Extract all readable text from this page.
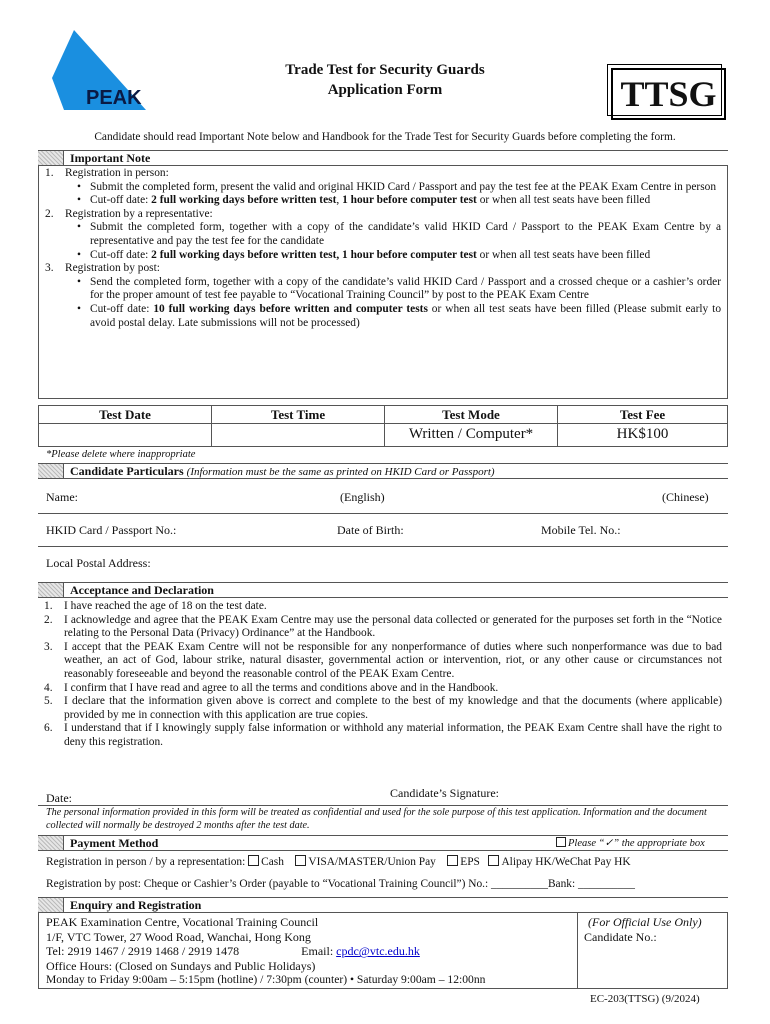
PEAK
Trade Test for Security Guards
Application Form	TTSG
Candidate should read Important Note below and Handbook for the Trade Test for Security Guards before completing the form.
Important Note
1. Registration in person:
• Submit the completed form, present the valid and original HKID Card / Passport and pay the test fee at the PEAK Exam Centre in person
• Cut-off date: 2 full working days before written test, 1 hour before computer test or when all test seats have been filled
2. Registration by a representative:
• Submit the completed form, together with a copy of the candidate’s valid HKID Card / Passport to the PEAK Exam Centre by a representative and pay the test fee for the candidate
• Cut-off date: 2 full working days before written test, 1 hour before computer test or when all test seats have been filled
3. Registration by post:
• Send the completed form, together with a copy of the candidate’s valid HKID Card / Passport and a crossed cheque or a cashier’s order for the proper amount of test fee payable to “Vocational Training Council” by post to the PEAK Exam Centre
• Cut-off date: 10 full working days before written and computer tests or when all test seats have been filled (Please submit early to avoid postal delay. Late submissions will not be processed)
Test Date	Test Time	Test Mode	Test Fee
		Written / Computer*	HK$100
*Please delete where inappropriate
Candidate Particulars (Information must be the same as printed on HKID Card or Passport)
Name:	(English)	(Chinese)
HKID Card / Passport No.:	Date of Birth:	Mobile Tel. No.:
Local Postal Address:
Acceptance and Declaration
1. I have reached the age of 18 on the test date.
2. I acknowledge and agree that the PEAK Exam Centre may use the personal data collected or generated for the purposes set forth in the “Notice relating to the Personal Data (Privacy) Ordinance” at the Handbook.
3. I accept that the PEAK Exam Centre will not be responsible for any nonperformance of duties where such nonperformance was due to bad weather, an act of God, labour strike, natural disaster, governmental action or intervention, riot, or any other cause or circumstances not reasonably foreseeable and beyond the reasonable control of the PEAK Exam Centre.
4. I confirm that I have read and agree to all the terms and conditions above and in the Handbook.
5. I declare that the information given above is correct and complete to the best of my knowledge and that the documents (where applicable) provided by me in connection with this application are true copies.
6. I understand that if I knowingly supply false information or withhold any material information, the PEAK Exam Centre shall have the right to deny this registration.
Candidate’s Signature:
Date:
The personal information provided in this form will be treated as confidential and used for the sole purpose of this test application. Information and the document collected will normally be destroyed 2 months after the test date.
Payment Method	Please “✓” the appropriate box
Registration in person / by a representation: Cash VISA/MASTER/Union Pay EPS Alipay HK/WeChat Pay HK
Registration by post: Cheque or Cashier’s Order (payable to “Vocational Training Council”) No.: __________Bank: __________
Enquiry and Registration
PEAK Examination Centre, Vocational Training Council
1/F, VTC Tower, 27 Wood Road, Wanchai, Hong Kong
Tel: 2919 1467 / 2919 1468 / 2919 1478	Email: cpdc@vtc.edu.hk
Office Hours: (Closed on Sundays and Public Holidays)
Monday to Friday 9:00am – 5:15pm (hotline) / 7:30pm (counter) • Saturday 9:00am – 12:00nn
(For Official Use Only)
Candidate No.:
EC-203(TTSG) (9/2024)
